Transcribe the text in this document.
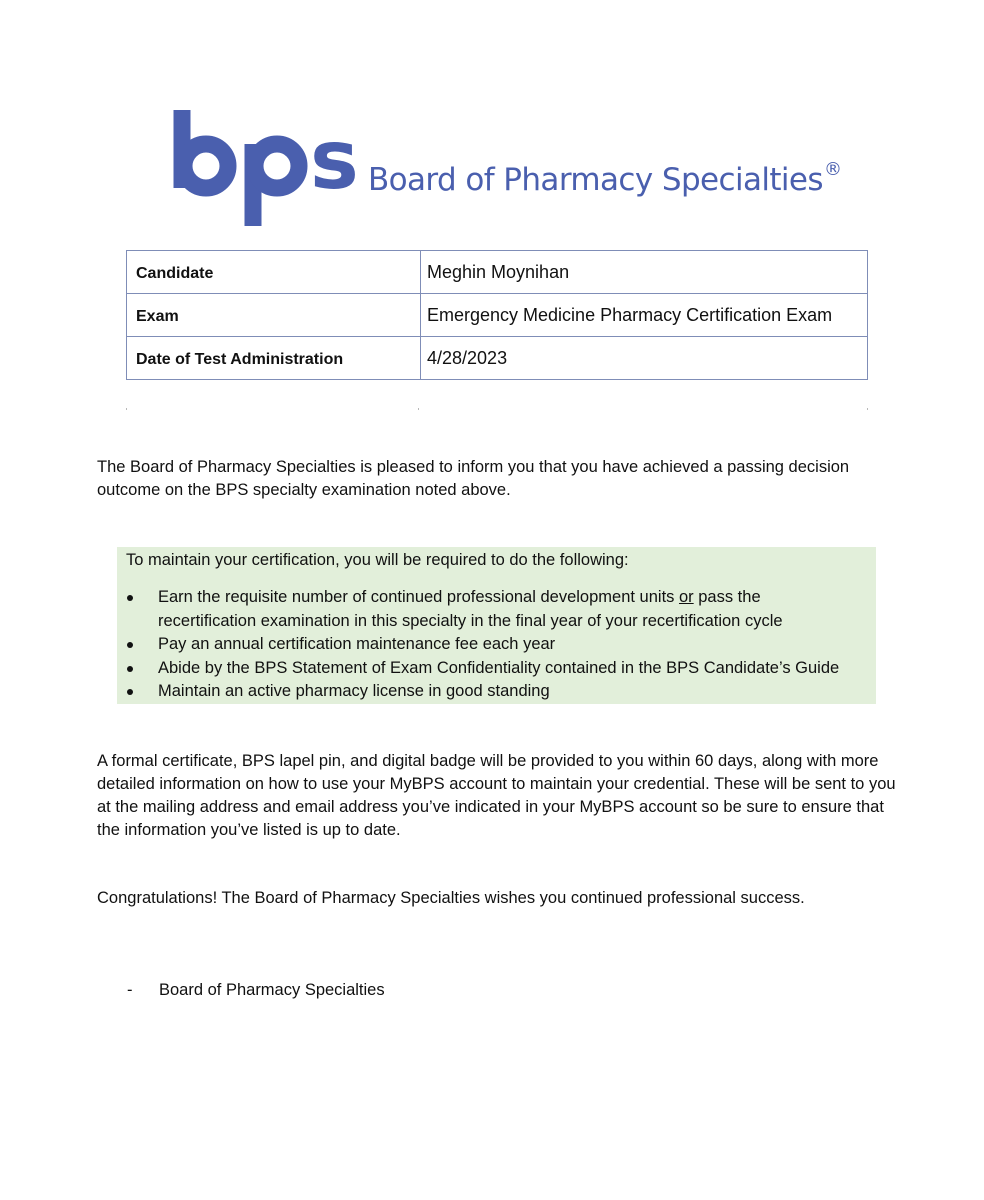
s Board of Pharmacy Specialties®
Candidate	Meghin Moynihan
Exam	Emergency Medicine Pharmacy Certification Exam
Date of Test Administration	4/28/2023

The Board of Pharmacy Specialties is pleased to inform you that you have achieved a passing decision outcome on the BPS specialty examination noted above.

To maintain your certification, you will be required to do the following:

Earn the requisite number of continued professional development units or pass the recertification examination in this specialty in the final year of your recertification cycle
Pay an annual certification maintenance fee each year
Abide by the BPS Statement of Exam Confidentiality contained in the BPS Candidate’s Guide
Maintain an active pharmacy license in good standing

A formal certificate, BPS lapel pin, and digital badge will be provided to you within 60 days, along with more detailed information on how to use your MyBPS account to maintain your credential. These will be sent to you at the mailing address and email address you’ve indicated in your MyBPS account so be sure to ensure that the information you’ve listed is up to date.

Congratulations! The Board of Pharmacy Specialties wishes you continued professional success.

- Board of Pharmacy Specialties
